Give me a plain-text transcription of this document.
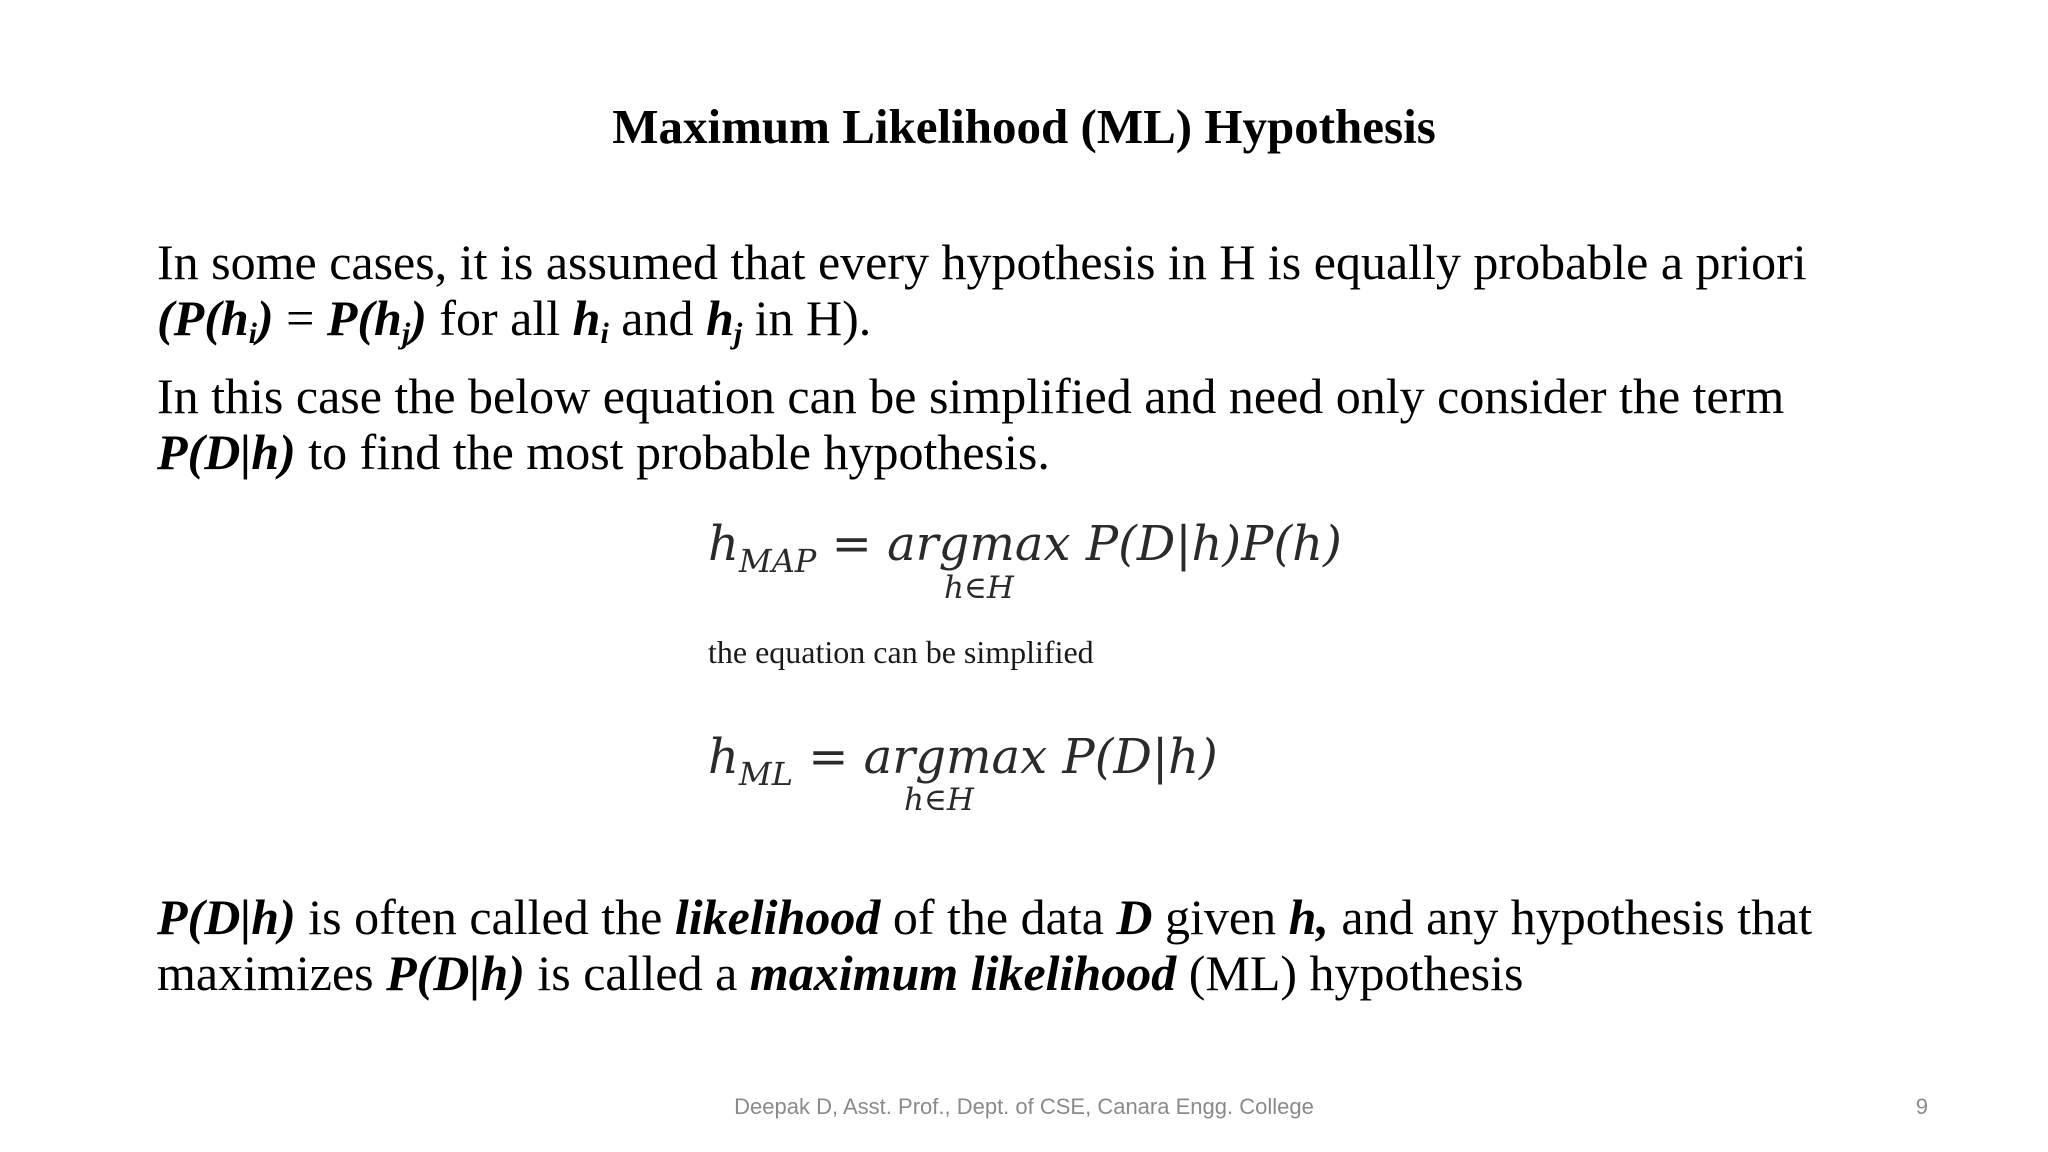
Maximum Likelihood (ML) Hypothesis
In some cases, it is assumed that every hypothesis in H is equally probable a priori
($P(h_i) = P(h_j)$ for all $h_i$ and $h_j$ in H).
In this case the below equation can be simplified and need only consider the term
P(D|h) to find the most probable hypothesis.
$h_{MAP} = argmax$ P(D|h)P(h)
h∈H
the equation can be simplified
$h_{ML} = argmax$ P(D|h)
h∈H
P(D|h) is often called the likelihood of the data D given h, and any hypothesis that
maximizes P(D|h) is called a maximum likelihood (ML) hypothesis
Deepak D, Asst. Prof., Dept. of CSE, Canara Engg. College	9
